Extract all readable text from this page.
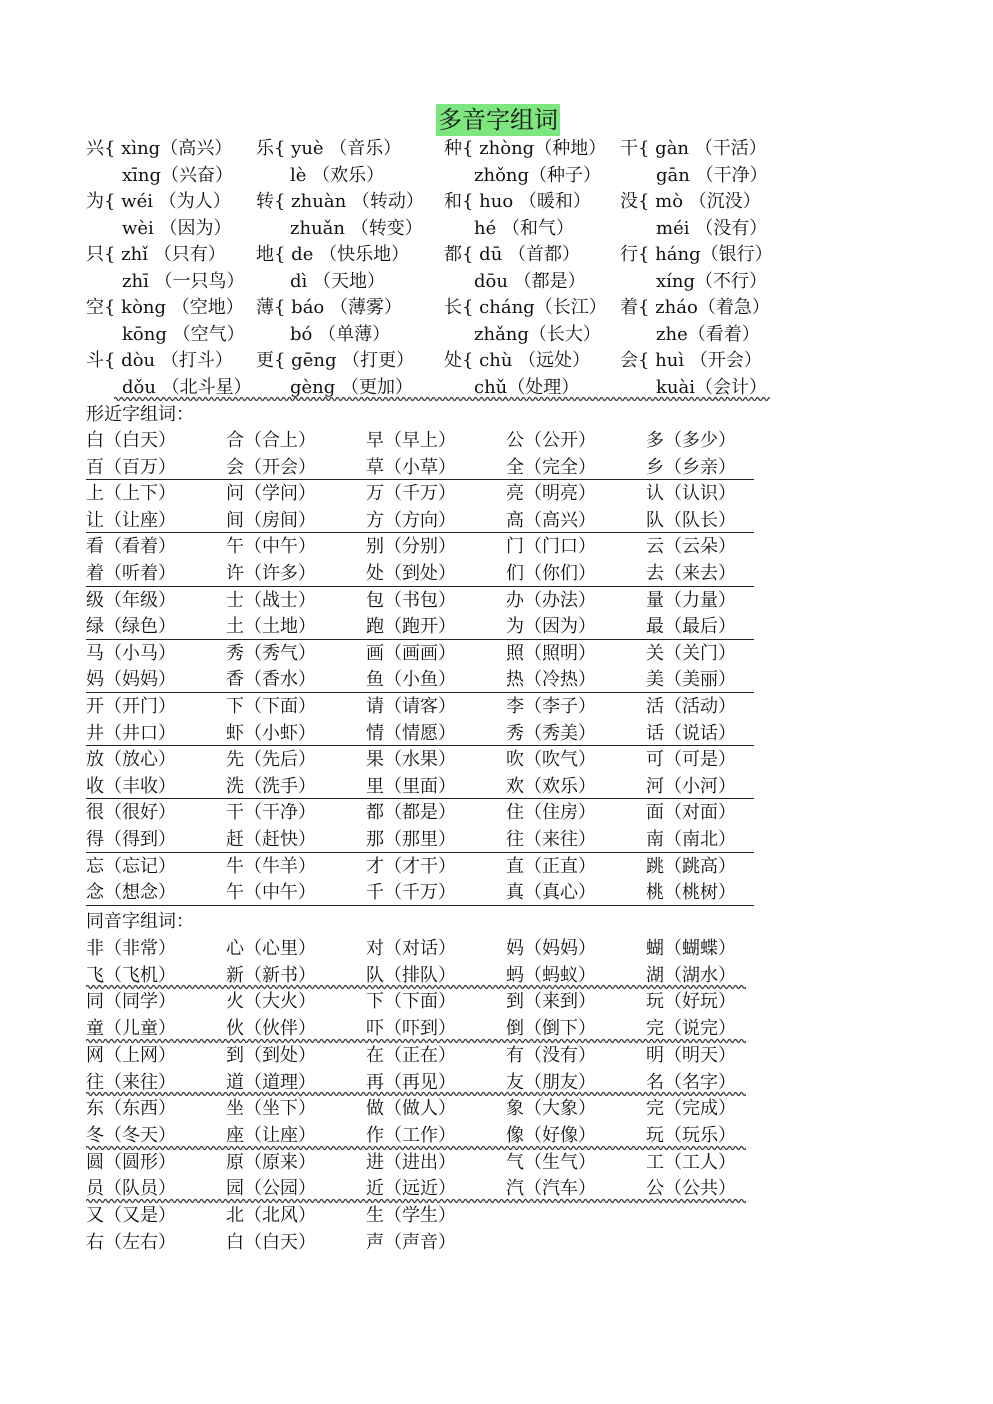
多音字组词
兴{ xìng（高兴） 乐{ yuè （音乐） 种{ zhòng（种地） 干{ gàn （干活）
xīng（兴奋）	lè （欢乐）	zhǒng（种子）	gān （干净）
为{ wéi （为人） 转{ zhuàn （转动） 和{ huo （暖和） 没{ mò （沉没）
wèi （因为）	zhuǎn （转变）	hé （和气）	méi （没有）
只{ zhǐ （只有） 地{ de （快乐地） 都{ dū （首都） 行{ háng（银行）
zhī （一只鸟）	dì （天地）	dōu （都是）	xíng（不行）
空{ kòng （空地） 薄{ báo （薄雾） 长{ cháng（长江） 着{ zháo（着急）
kōng （空气）	bó （单薄）	zhǎng（长大）	zhe（看着）
斗{ dòu （打斗） 更{ gēng （打更） 处{ chù （远处） 会{ huì （开会）
dǒu （北斗星） gèng （更加）	chǔ（处理）	kuài（会计）
形近字组词：
白（白天）	合（合上）	早（早上）	公（公开）	多（多少）
百（百万）	会（开会）	草（小草）	全（完全）	乡（乡亲）
上（上下）	问（学问）	万（千万）	亮（明亮）	认（认识）
让（让座）	间（房间）	方（方向）	高（高兴）	队（队长）
看（看着）	午（中午）	别（分别）	门（门口）	云（云朵）
着（听着）	许（许多）	处（到处）	们（你们）	去（来去）
级（年级）	士（战士）	包（书包）	办（办法）	量（力量）
绿（绿色）	土（土地）	跑（跑开）	为（因为）	最（最后）
马（小马）	秀（秀气）	画（画画）	照（照明）	关（关门）
妈（妈妈）	香（香水）	鱼（小鱼）	热（冷热）	美（美丽）
开（开门）	下（下面）	请（请客）	李（李子）	活（活动）
井（井口）	虾（小虾）	情（情愿）	秀（秀美）	话（说话）
放（放心）	先（先后）	果（水果）	吹（吹气）	可（可是）
收（丰收）	洗（洗手）	里（里面）	欢（欢乐）	河（小河）
很（很好）	干（干净）	都（都是）	住（住房）	面（对面）
得（得到）	赶（赶快）	那（那里）	往（来往）	南（南北）
忘（忘记）	牛（牛羊）	才（才干）	直（正直）	跳（跳高）
念（想念）	午（中午）	千（千万）	真（真心）	桃（桃树）
同音字组词：
非（非常）	心（心里）	对（对话）	妈（妈妈）	蝴（蝴蝶）
飞（飞机）	新（新书）	队（排队）	蚂（蚂蚁）	湖（湖水）
同（同学）	火（大火）	下（下面）	到（来到）	玩（好玩）
童（儿童）	伙（伙伴）	吓（吓到）	倒（倒下）	完（说完）
网（上网）	到（到处）	在（正在）	有（没有）	明（明天）
往（来往）	道（道理）	再（再见）	友（朋友）	名（名字）
东（东西）	坐（坐下）	做（做人）	象（大象）	完（完成）
冬（冬天）	座（让座）	作（工作）	像（好像）	玩（玩乐）
圆（圆形）	原（原来）	进（进出）	气（生气）	工（工人）
员（队员）	园（公园）	近（远近）	汽（汽车）	公（公共）
又（又是）	北（北风）	生（学生）
右（左右）	白（白天）	声（声音）
